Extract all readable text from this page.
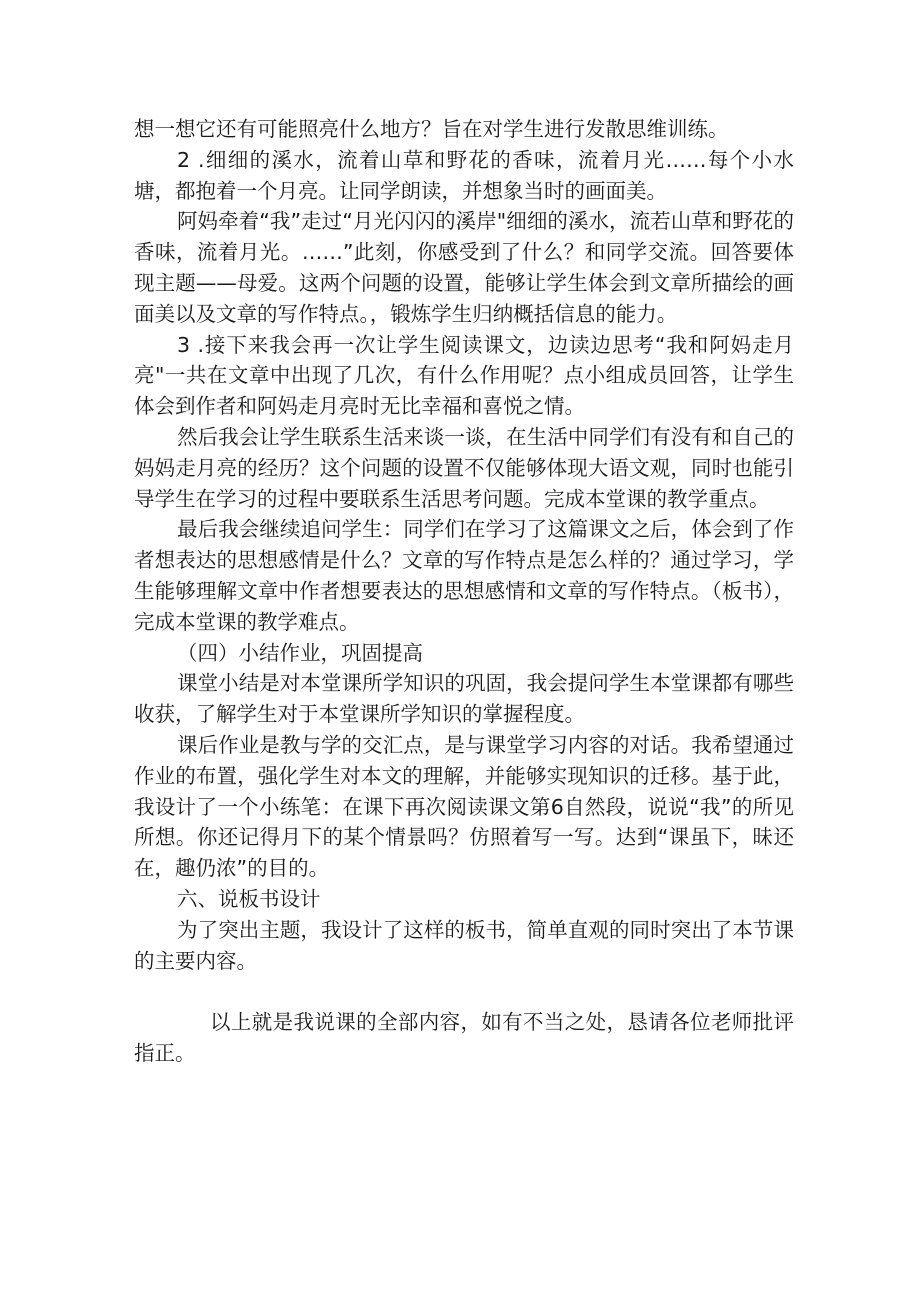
想一想它还有可能照亮什么地方？旨在对学生进行发散思维训练。

2 .细细的溪水，流着山草和野花的香味，流着月光……每个小水塘，都抱着一个月亮。让同学朗读，并想象当时的画面美。

阿妈牵着“我”走过“月光闪闪的溪岸"细细的溪水，流若山草和野花的香味，流着月光。……”此刻，你感受到了什么？和同学交流。回答要体现主题——母爱。这两个问题的设置，能够让学生体会到文章所描绘的画面美以及文章的写作特点。，锻炼学生归纳概括信息的能力。

3 .接下来我会再一次让学生阅读课文，边读边思考“我和阿妈走月亮"一共在文章中出现了几次，有什么作用呢？点小组成员回答，让学生体会到作者和阿妈走月亮时无比幸福和喜悦之情。

然后我会让学生联系生活来谈一谈，在生活中同学们有没有和自己的妈妈走月亮的经历？这个问题的设置不仅能够体现大语文观，同时也能引导学生在学习的过程中要联系生活思考问题。完成本堂课的教学重点。

最后我会继续追问学生：同学们在学习了这篇课文之后，体会到了作者想表达的思想感情是什么？文章的写作特点是怎么样的？通过学习，学生能够理解文章中作者想要表达的思想感情和文章的写作特点。（板书），完成本堂课的教学难点。

（四）小结作业，巩固提高

课堂小结是对本堂课所学知识的巩固，我会提问学生本堂课都有哪些收获，了解学生对于本堂课所学知识的掌握程度。

课后作业是教与学的交汇点，是与课堂学习内容的对话。我希望通过作业的布置，强化学生对本文的理解，并能够实现知识的迁移。基于此，我设计了一个小练笔：在课下再次阅读课文第6自然段，说说“我”的所见所想。你还记得月下的某个情景吗？仿照着写一写。达到“课虽下，昧还在，趣仍浓”的目的。

六、说板书设计

为了突出主题，我设计了这样的板书，简单直观的同时突出了本节课的主要内容。

以上就是我说课的全部内容，如有不当之处，恳请各位老师批评指正。
